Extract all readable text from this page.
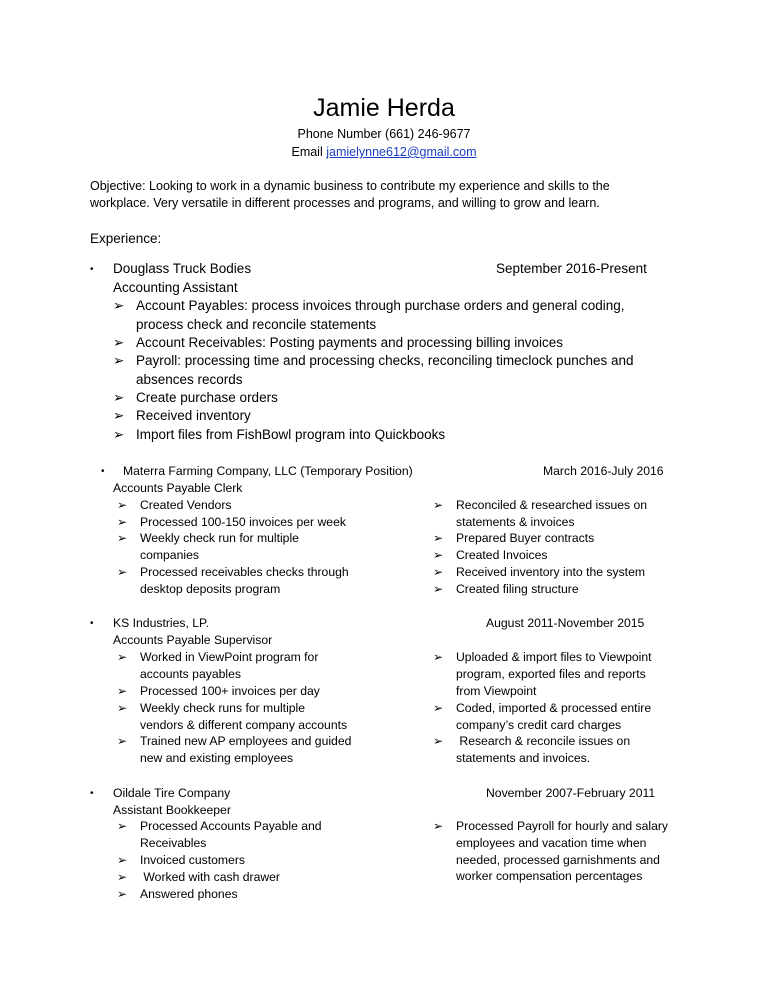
Jamie Herda
Phone Number (661) 246-9677
Email jamielynne612@gmail.com
Objective: Looking to work in a dynamic business to contribute my experience and skills to the
workplace. Very versatile in different processes and programs, and willing to grow and learn.
Experience:
• Douglass Truck Bodies	September 2016-Present
Accounting Assistant
➢ Account Payables: process invoices through purchase orders and general coding,
process check and reconcile statements
➢ Account Receivables: Posting payments and processing billing invoices
➢ Payroll: processing time and processing checks, reconciling timeclock punches and
absences records
➢ Create purchase orders
➢ Received inventory
➢ Import files from FishBowl program into Quickbooks
• Materra Farming Company, LLC (Temporary Position)	March 2016-July 2016
Accounts Payable Clerk
➢ Created Vendors
➢ Processed 100-150 invoices per week
➢ Weekly check run for multiple
companies
➢ Processed receivables checks through
desktop deposits program
➢ Reconciled & researched issues on
statements & invoices
➢ Prepared Buyer contracts
➢ Created Invoices
➢ Received inventory into the system
➢ Created filing structure
• KS Industries, LP.	August 2011-November 2015
Accounts Payable Supervisor
➢ Worked in ViewPoint program for
accounts payables
➢ Processed 100+ invoices per day
➢ Weekly check runs for multiple
vendors & different company accounts
➢ Trained new AP employees and guided
new and existing employees
➢ Uploaded & import files to Viewpoint
program, exported files and reports
from Viewpoint
➢ Coded, imported & processed entire
company’s credit card charges
➢ Research & reconcile issues on
statements and invoices.
• Oildale Tire Company	November 2007-February 2011
Assistant Bookkeeper
➢ Processed Accounts Payable and
Receivables
➢ Invoiced customers
➢ Worked with cash drawer
➢ Answered phones
➢ Processed Payroll for hourly and salary
employees and vacation time when
needed, processed garnishments and
worker compensation percentages
